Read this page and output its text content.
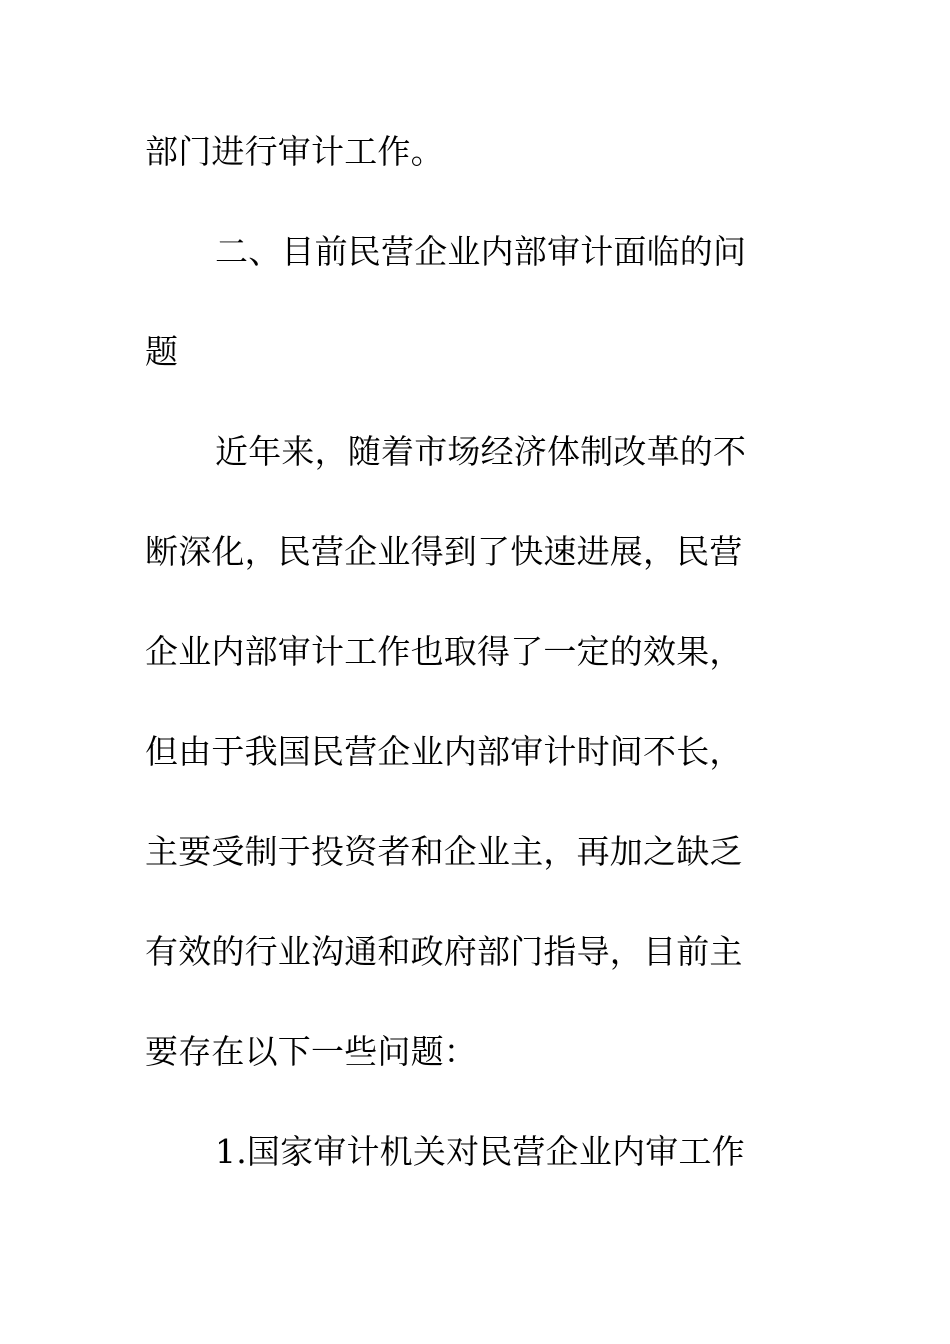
部门进行审计工作。
二、目前民营企业内部审计面临的问
题
近年来，随着市场经济体制改革的不
断深化，民营企业得到了快速进展，民营
企业内部审计工作也取得了一定的效果，
但由于我国民营企业内部审计时间不长，
主要受制于投资者和企业主，再加之缺乏
有效的行业沟通和政府部门指导，目前主
要存在以下一些问题：
1.国家审计机关对民营企业内审工作
